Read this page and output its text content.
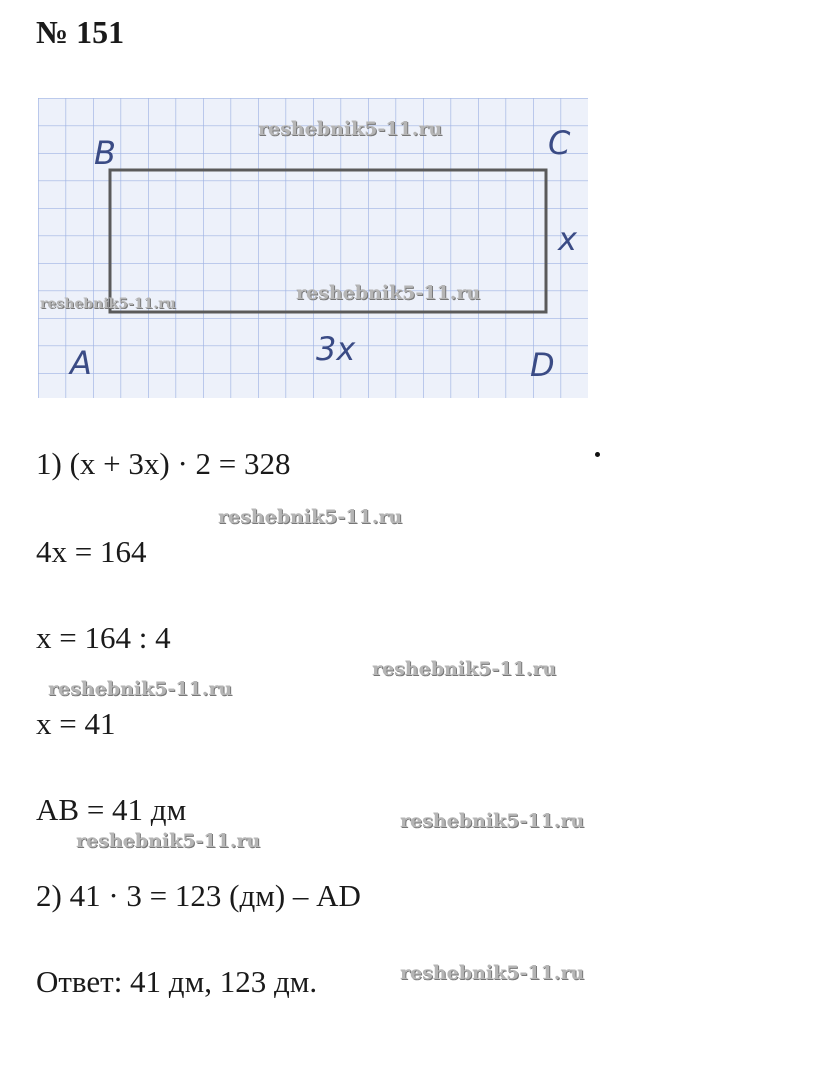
№ 151
B	C
A	D
x
3x
reshebnik5-11.ru
reshebnik5-11.ru
reshebnik5-11.ru
1) (x + 3x) · 2 = 328
4x = 164
x = 164 : 4
x = 41
AB = 41 дм
2) 41 · 3 = 123 (дм) – AD
Ответ: 41 дм, 123 дм.
reshebnik5-11.ru
reshebnik5-11.ru
reshebnik5-11.ru
reshebnik5-11.ru
reshebnik5-11.ru
reshebnik5-11.ru
